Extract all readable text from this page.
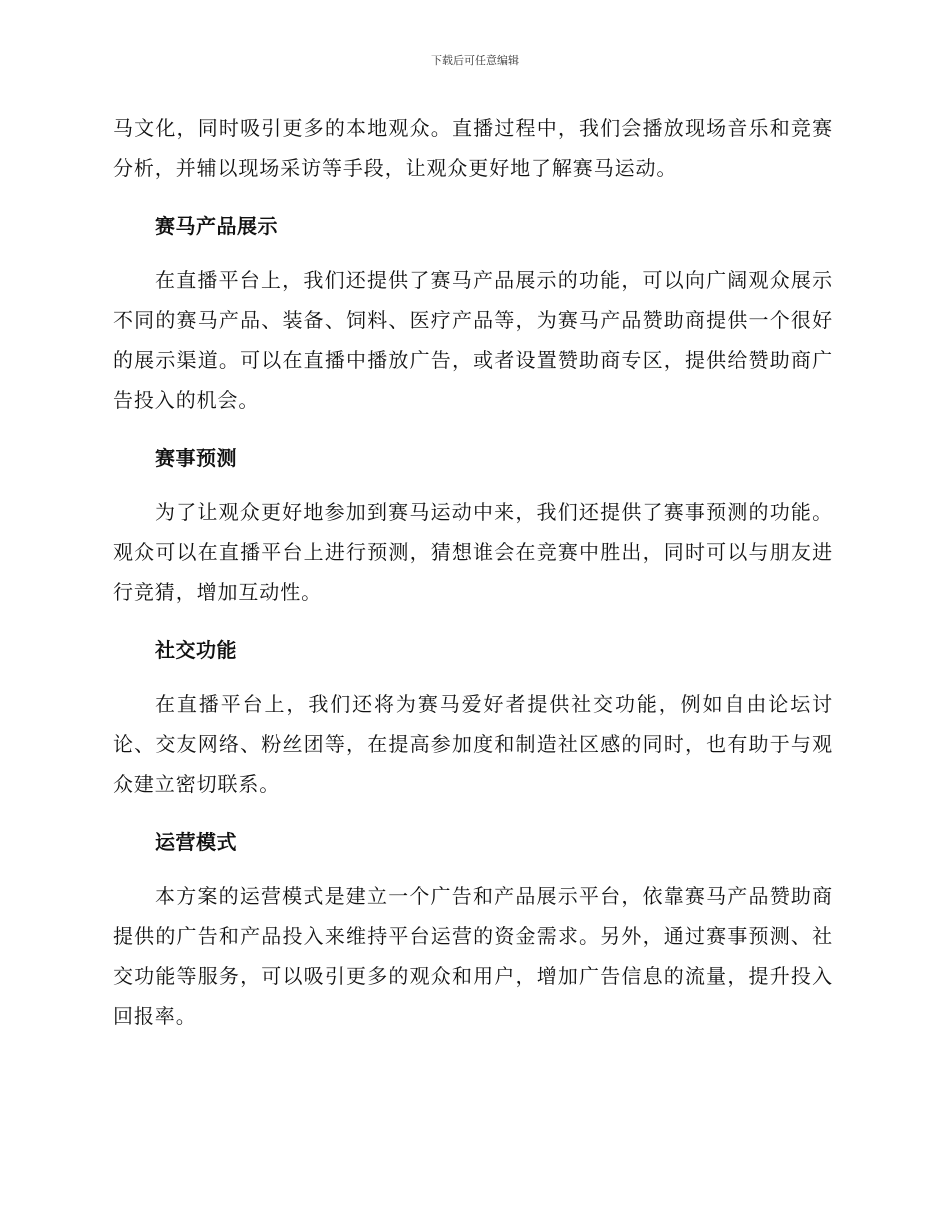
下载后可任意编辑

马文化，同时吸引更多的本地观众。直播过程中，我们会播放现场音乐和竞赛分析，并辅以现场采访等手段，让观众更好地了解赛马运动。

赛马产品展示

在直播平台上，我们还提供了赛马产品展示的功能，可以向广阔观众展示不同的赛马产品、装备、饲料、医疗产品等，为赛马产品赞助商提供一个很好的展示渠道。可以在直播中播放广告，或者设置赞助商专区，提供给赞助商广告投入的机会。

赛事预测

为了让观众更好地参加到赛马运动中来，我们还提供了赛事预测的功能。观众可以在直播平台上进行预测，猜想谁会在竞赛中胜出，同时可以与朋友进行竞猜，增加互动性。

社交功能

在直播平台上，我们还将为赛马爱好者提供社交功能，例如自由论坛讨论、交友网络、粉丝团等，在提高参加度和制造社区感的同时，也有助于与观众建立密切联系。

运营模式

本方案的运营模式是建立一个广告和产品展示平台，依靠赛马产品赞助商提供的广告和产品投入来维持平台运营的资金需求。另外，通过赛事预测、社交功能等服务，可以吸引更多的观众和用户，增加广告信息的流量，提升投入回报率。
